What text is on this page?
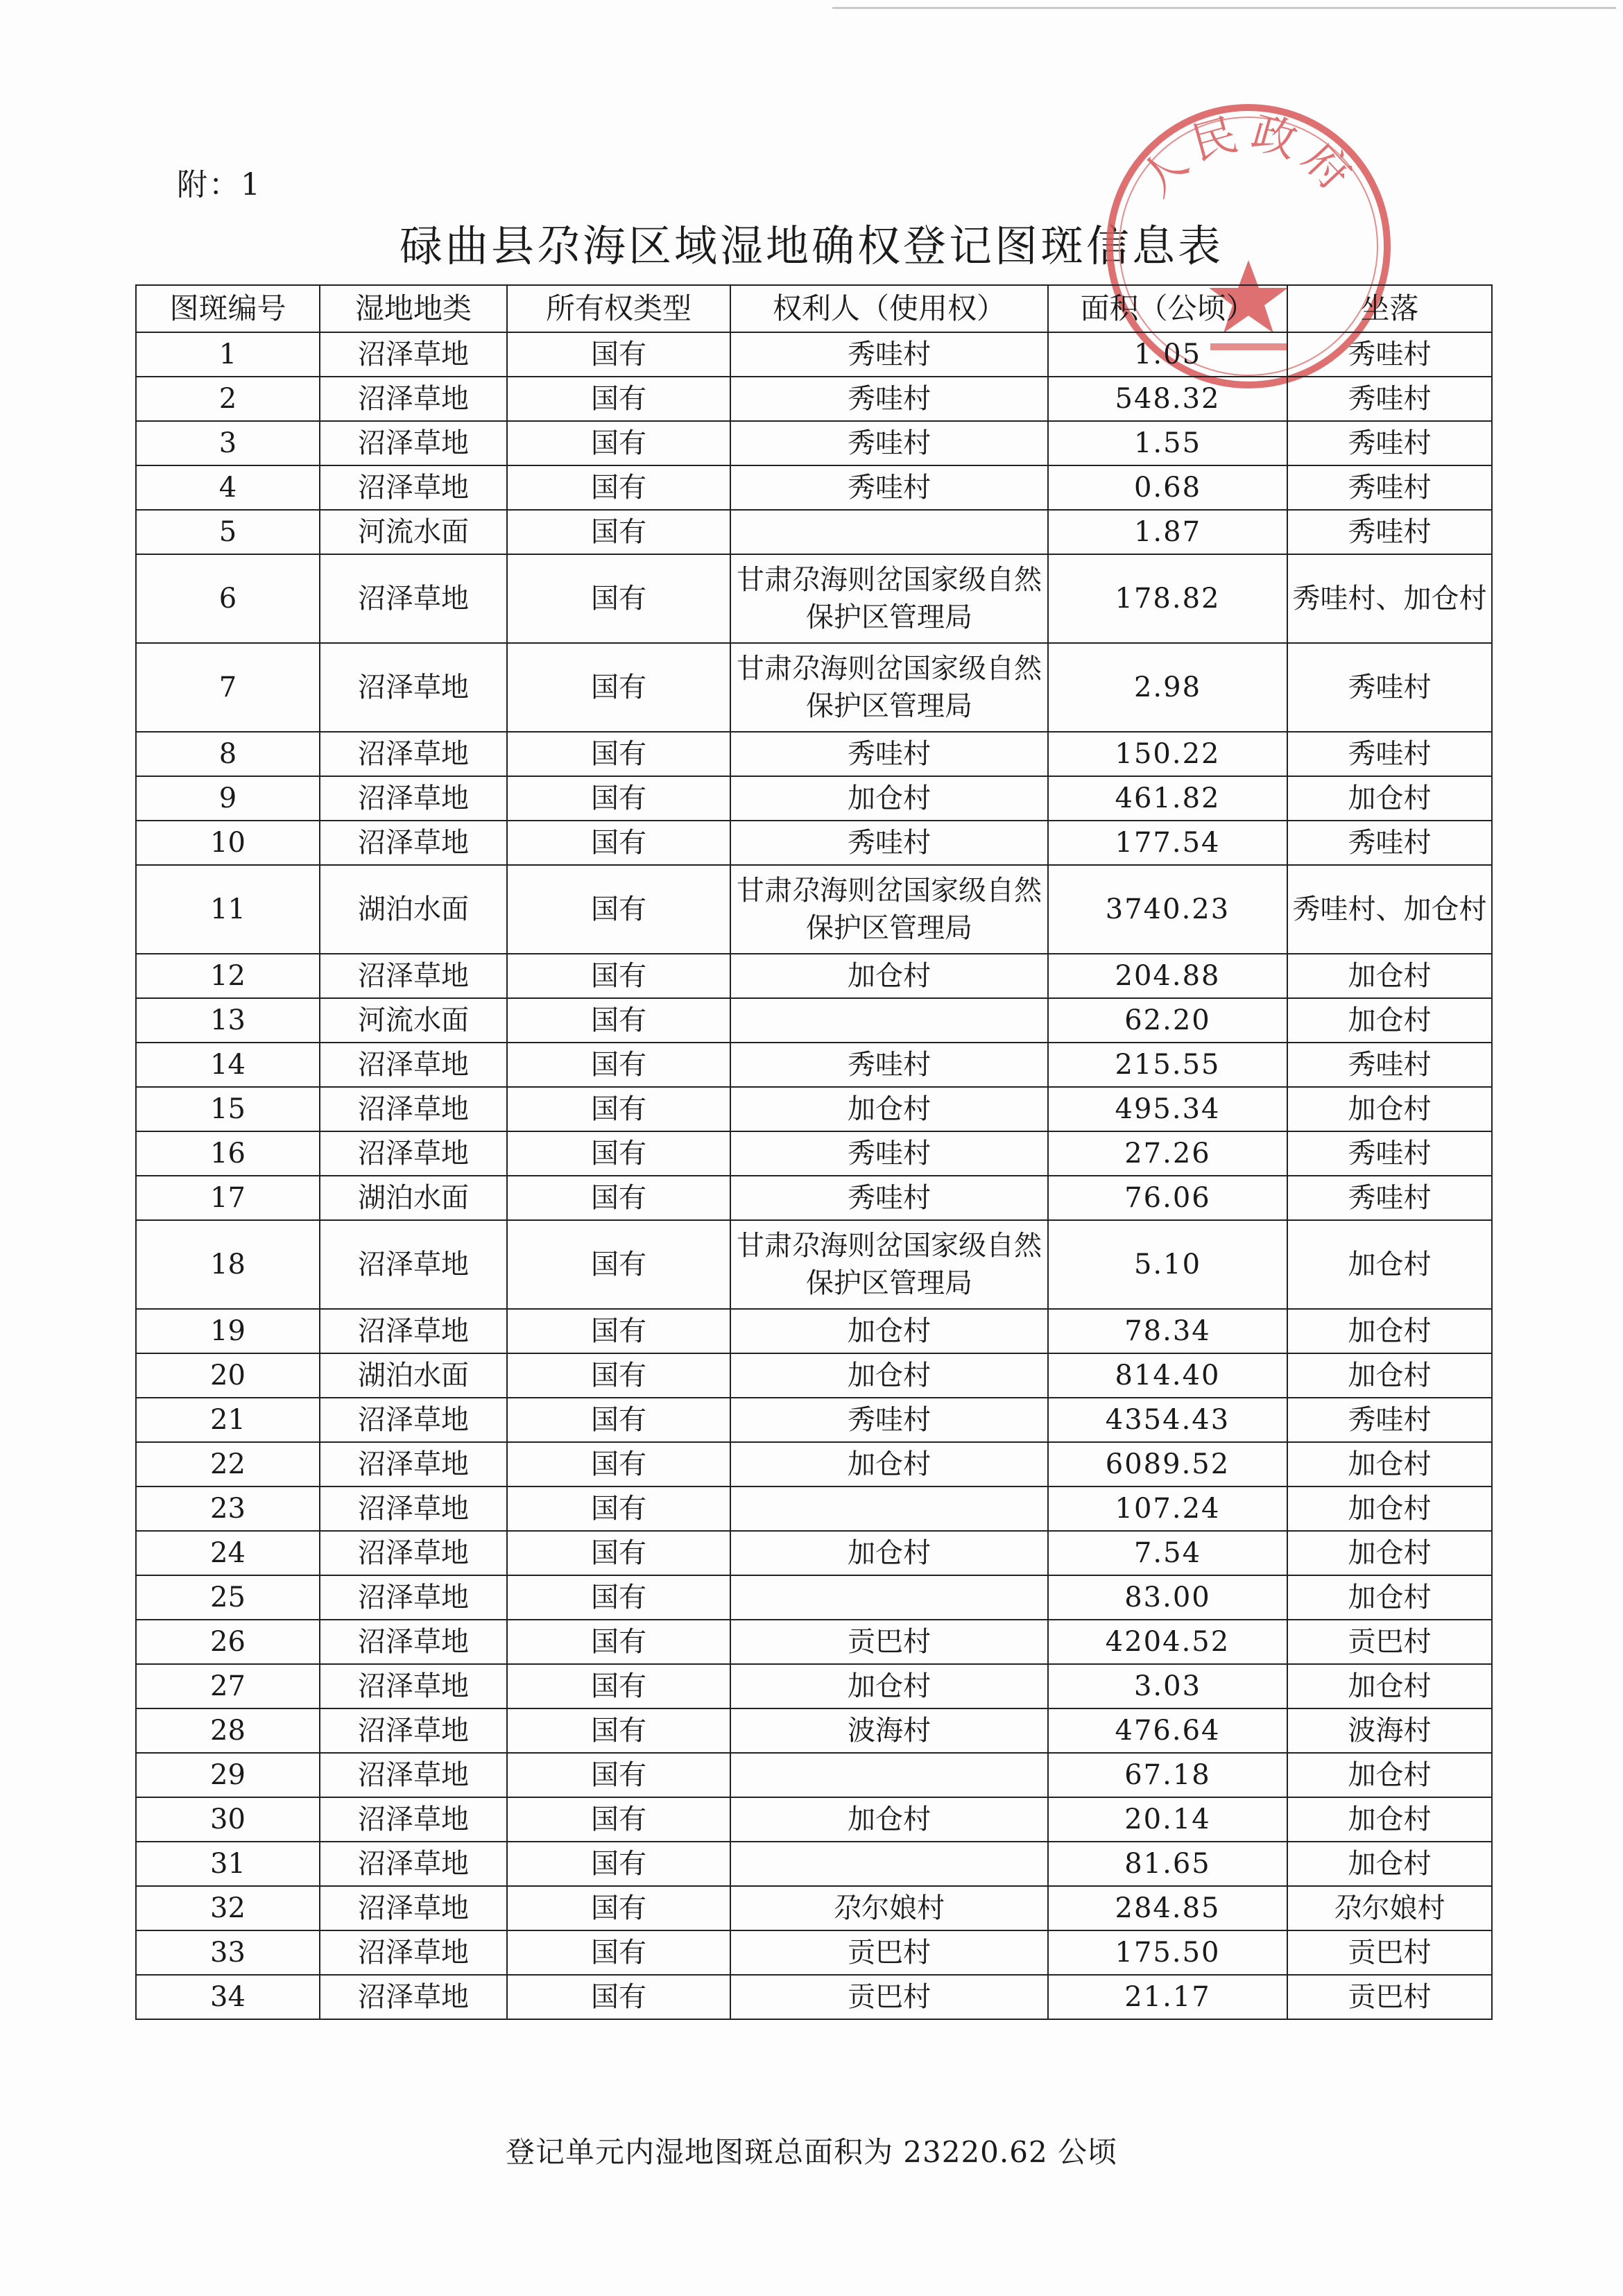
附：1
碌曲县尕海区域湿地确权登记图斑信息表
人民政府
图斑编号	湿地地类	所有权类型	权利人（使用权）	面积（公顷）	坐落
1	沼泽草地	国有	秀哇村	1.05	秀哇村
2	沼泽草地	国有	秀哇村	548.32	秀哇村
3	沼泽草地	国有	秀哇村	1.55	秀哇村
4	沼泽草地	国有	秀哇村	0.68	秀哇村
5	河流水面	国有		1.87	秀哇村
6	沼泽草地	国有	甘肃尕海则岔国家级自然保护区管理局	178.82	秀哇村、加仓村
7	沼泽草地	国有	甘肃尕海则岔国家级自然保护区管理局	2.98	秀哇村
8	沼泽草地	国有	秀哇村	150.22	秀哇村
9	沼泽草地	国有	加仓村	461.82	加仓村
10	沼泽草地	国有	秀哇村	177.54	秀哇村
11	湖泊水面	国有	甘肃尕海则岔国家级自然保护区管理局	3740.23	秀哇村、加仓村
12	沼泽草地	国有	加仓村	204.88	加仓村
13	河流水面	国有		62.20	加仓村
14	沼泽草地	国有	秀哇村	215.55	秀哇村
15	沼泽草地	国有	加仓村	495.34	加仓村
16	沼泽草地	国有	秀哇村	27.26	秀哇村
17	湖泊水面	国有	秀哇村	76.06	秀哇村
18	沼泽草地	国有	甘肃尕海则岔国家级自然保护区管理局	5.10	加仓村
19	沼泽草地	国有	加仓村	78.34	加仓村
20	湖泊水面	国有	加仓村	814.40	加仓村
21	沼泽草地	国有	秀哇村	4354.43	秀哇村
22	沼泽草地	国有	加仓村	6089.52	加仓村
23	沼泽草地	国有		107.24	加仓村
24	沼泽草地	国有	加仓村	7.54	加仓村
25	沼泽草地	国有		83.00	加仓村
26	沼泽草地	国有	贡巴村	4204.52	贡巴村
27	沼泽草地	国有	加仓村	3.03	加仓村
28	沼泽草地	国有	波海村	476.64	波海村
29	沼泽草地	国有		67.18	加仓村
30	沼泽草地	国有	加仓村	20.14	加仓村
31	沼泽草地	国有		81.65	加仓村
32	沼泽草地	国有	尕尔娘村	284.85	尕尔娘村
33	沼泽草地	国有	贡巴村	175.50	贡巴村
34	沼泽草地	国有	贡巴村	21.17	贡巴村
登记单元内湿地图斑总面积为 23220.62 公顷
